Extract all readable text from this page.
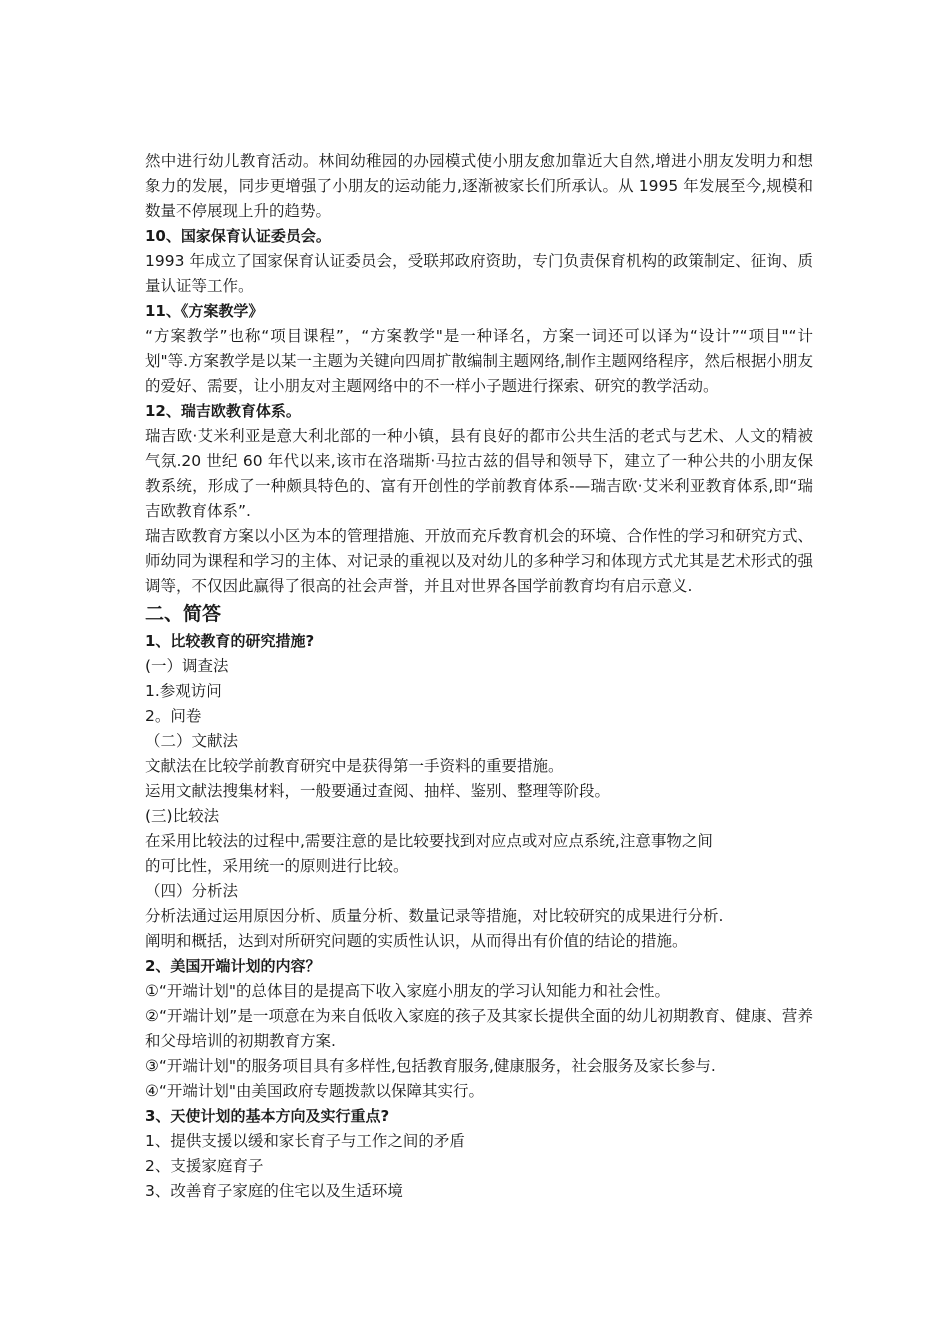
然中进行幼儿教育活动。林间幼稚园的办园模式使小朋友愈加靠近大自然,增进小朋友发明力和想象力的发展，同步更增强了小朋友的运动能力,逐渐被家长们所承认。从 1995 年发展至今,规模和数量不停展现上升的趋势。

10、国家保育认证委员会。

1993 年成立了国家保育认证委员会，受联邦政府资助，专门负责保育机构的政策制定、征询、质量认证等工作。

11、《方案教学》

“方案教学”也称“项目课程”，“方案教学"是一种译名，方案一词还可以译为“设计”“项目"“计划"等.方案教学是以某一主题为关键向四周扩散编制主题网络,制作主题网络程序，然后根据小朋友的爱好、需要，让小朋友对主题网络中的不一样小子题进行探索、研究的教学活动。

12、瑞吉欧教育体系。

瑞吉欧·艾米利亚是意大利北部的一种小镇，县有良好的都市公共生活的老式与艺术、人文的精被气氛.20 世纪 60 年代以来,该市在洛瑞斯·马拉古兹的倡导和领导下，建立了一种公共的小朋友保教系统，形成了一种颇具特色的、富有开创性的学前教育体系-—瑞吉欧·艾米利亚教育体系,即“瑞吉欧教育体系”.

瑞吉欧教育方案以小区为本的管理措施、开放而充斥教育机会的环境、合作性的学习和研究方式、师幼同为课程和学习的主体、对记录的重视以及对幼儿的多种学习和体现方式尤其是艺术形式的强调等，不仅因此赢得了很高的社会声誉，并且对世界各国学前教育均有启示意义.

二、简答

1、比较教育的研究措施?

(一）调查法

1.参观访问

2。问卷

（二）文献法

文献法在比较学前教育研究中是获得第一手资料的重要措施。

运用文献法搜集材料，一般要通过查阅、抽样、鉴别、整理等阶段。

(三)比较法

在采用比较法的过程中,需要注意的是比较要找到对应点或对应点系统,注意事物之间

的可比性，采用统一的原则进行比较。

（四）分析法

分析法通过运用原因分析、质量分析、数量记录等措施，对比较研究的成果进行分析.

阐明和概括，达到对所研究问题的实质性认识，从而得出有价值的结论的措施。

2、美国开端计划的内容？

①“开端计划"的总体目的是提高下收入家庭小朋友的学习认知能力和社会性。

②“开端计划”是一项意在为来自低收入家庭的孩子及其家长提供全面的幼儿初期教育、健康、营养和父母培训的初期教育方案.

③“开端计划"的服务项目具有多样性,包括教育服务,健康服务，社会服务及家长参与.

④“开端计划"由美国政府专题拨款以保障其实行。

3、天使计划的基本方向及实行重点?

1、提供支援以缓和家长育子与工作之间的矛盾

2、支援家庭育子

3、改善育子家庭的住宅以及生适环境
